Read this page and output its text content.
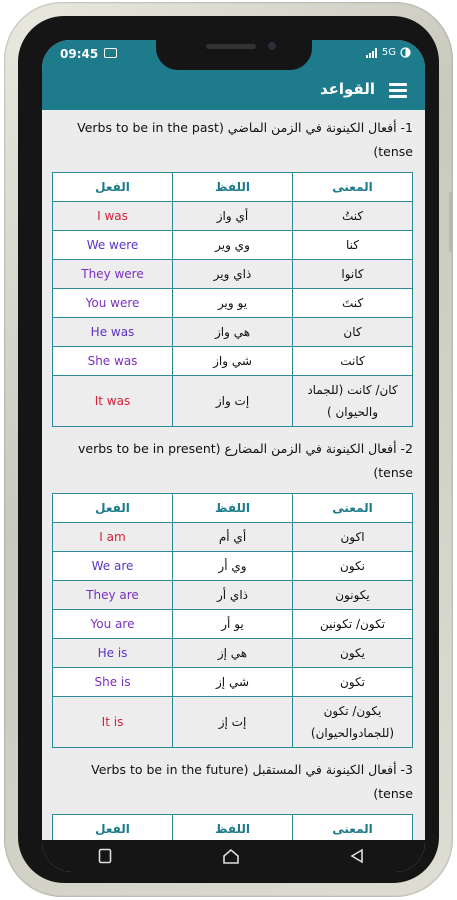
09:45	5G
القواعد
1- أفعال الكينونة في الزمن الماضي (Verbs to be in the past tense)
الفعل	اللفظ	المعنى
I was	أي واز	كنتُ
We were	وي وير	كنا
They were	ذاي وير	كانوا
You were	يو وير	كنتَ
He was	هي واز	كان
She was	شي واز	كانت
It was	إت واز	كان/ كانت (للجماد والحيوان )
2- أفعال الكينونة في الزمن المضارع (verbs to be in present tense)
الفعل	اللفظ	المعنى
I am	أي أم	اكون
We are	وي أر	نكون
They are	ذاي أر	يكونون
You are	يو أر	تكون/ تكونين
He is	هي إز	يكون
She is	شي إز	تكون
It is	إت إز	يكون/ تكون (للجمادوالحيوان)
3- أفعال الكينونة في المستقبل (Verbs to be in the future tense)
الفعل	اللفظ	المعنى
